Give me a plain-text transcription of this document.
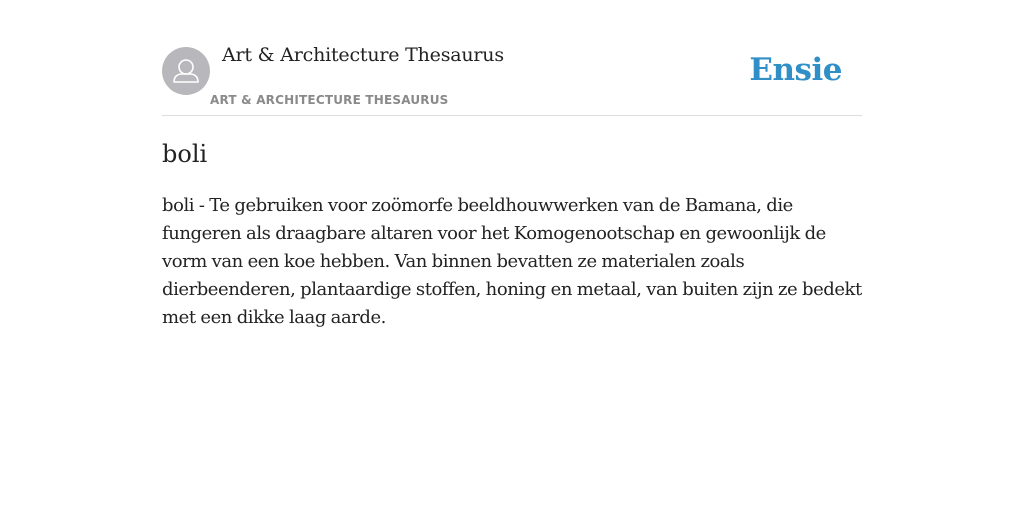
Art & Architecture Thesaurus
ART & ARCHITECTURE THESAURUS
Ensie
boli

boli - Te gebruiken voor zoömorfe beeldhouwwerken van de Bamana, die fungeren als draagbare altaren voor het Komogenootschap en gewoonlijk de vorm van een koe hebben. Van binnen bevatten ze materialen zoals dierbeenderen, plantaardige stoffen, honing en metaal, van buiten zijn ze bedekt met een dikke laag aarde.
